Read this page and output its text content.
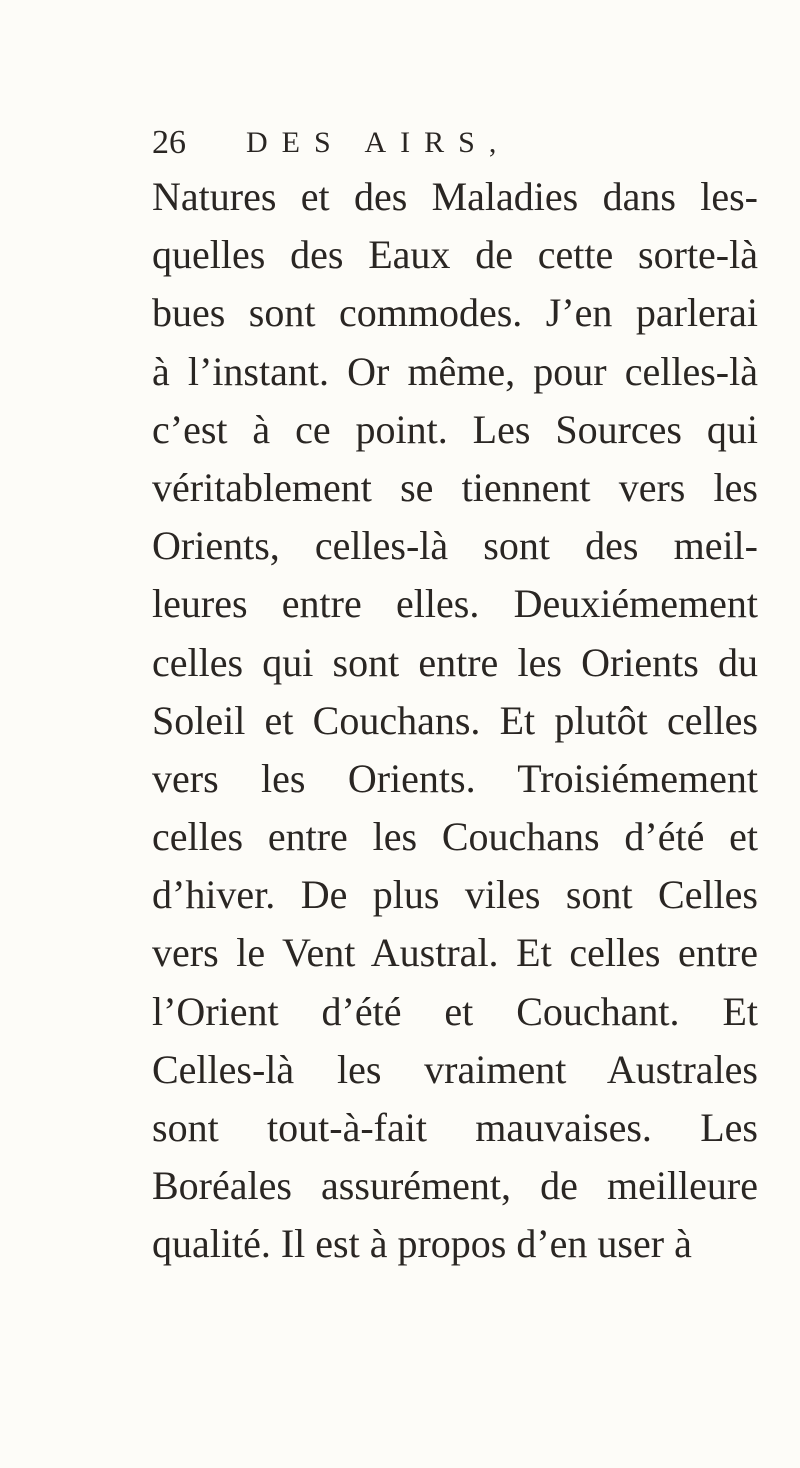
26 DES AIRS,
Natures et des Maladies dans les-
quelles des Eaux de cette sorte-là
bues sont commodes. J’en parlerai
à l’instant. Or même, pour celles-là
c’est à ce point. Les Sources qui
véritablement se tiennent vers les
Orients, celles-là sont des meil-
leures entre elles. Deuxiémement
celles qui sont entre les Orients du
Soleil et Couchans. Et plutôt celles
vers les Orients. Troisiémement
celles entre les Couchans d’été et
d’hiver. De plus viles sont Celles
vers le Vent Austral. Et celles entre
l’Orient d’été et Couchant. Et
Celles-là les vraiment Australes
sont tout-à-fait mauvaises. Les
Boréales assurément, de meilleure
qualité. Il est à propos d’en user à
